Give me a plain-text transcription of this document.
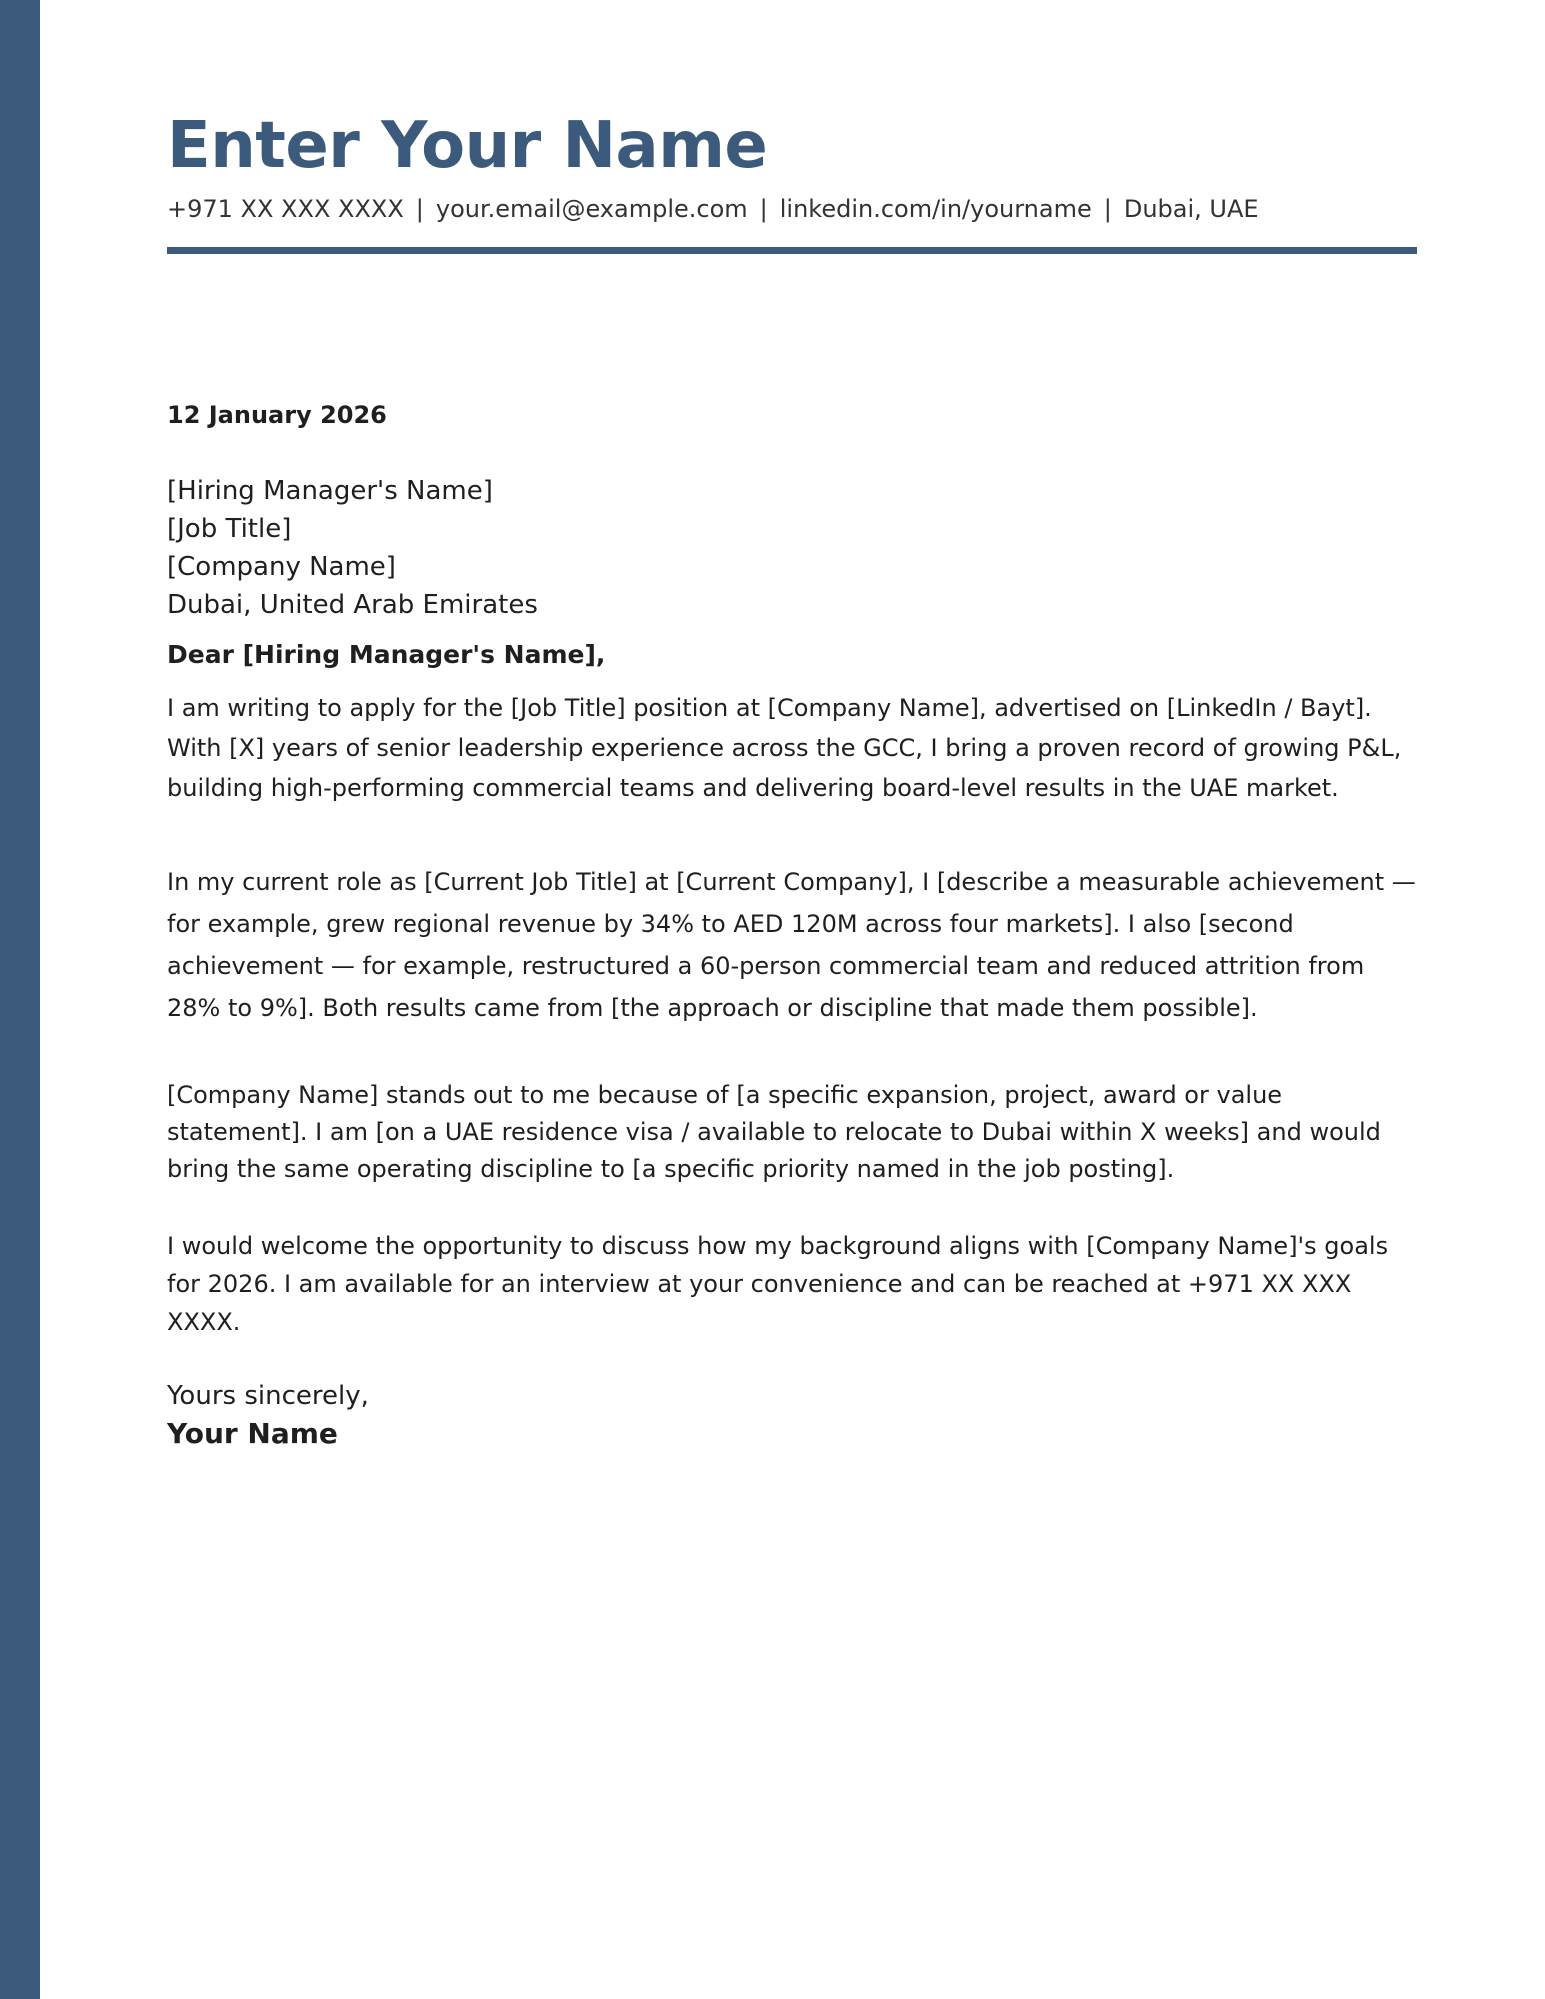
Enter Your Name
+971 XX XXX XXXX | your.email@example.com | linkedin.com/in/yourname | Dubai, UAE
12 January 2026
[Hiring Manager's Name]
[Job Title]
[Company Name]
Dubai, United Arab Emirates
Dear [Hiring Manager's Name],

I am writing to apply for the [Job Title] position at [Company Name], advertised on [LinkedIn / Bayt]. With [X] years of senior leadership experience across the GCC, I bring a proven record of growing P&L, building high-performing commercial teams and delivering board-level results in the UAE market.

In my current role as [Current Job Title] at [Current Company], I [describe a measurable achievement — for example, grew regional revenue by 34% to AED 120M across four markets]. I also [second achievement — for example, restructured a 60-person commercial team and reduced attrition from 28% to 9%]. Both results came from [the approach or discipline that made them possible].

[Company Name] stands out to me because of [a specific expansion, project, award or value statement]. I am [on a UAE residence visa / available to relocate to Dubai within X weeks] and would bring the same operating discipline to [a specific priority named in the job posting].

I would welcome the opportunity to discuss how my background aligns with [Company Name]'s goals for 2026. I am available for an interview at your convenience and can be reached at +971 XX XXX XXXX.

Yours sincerely,
Your Name
